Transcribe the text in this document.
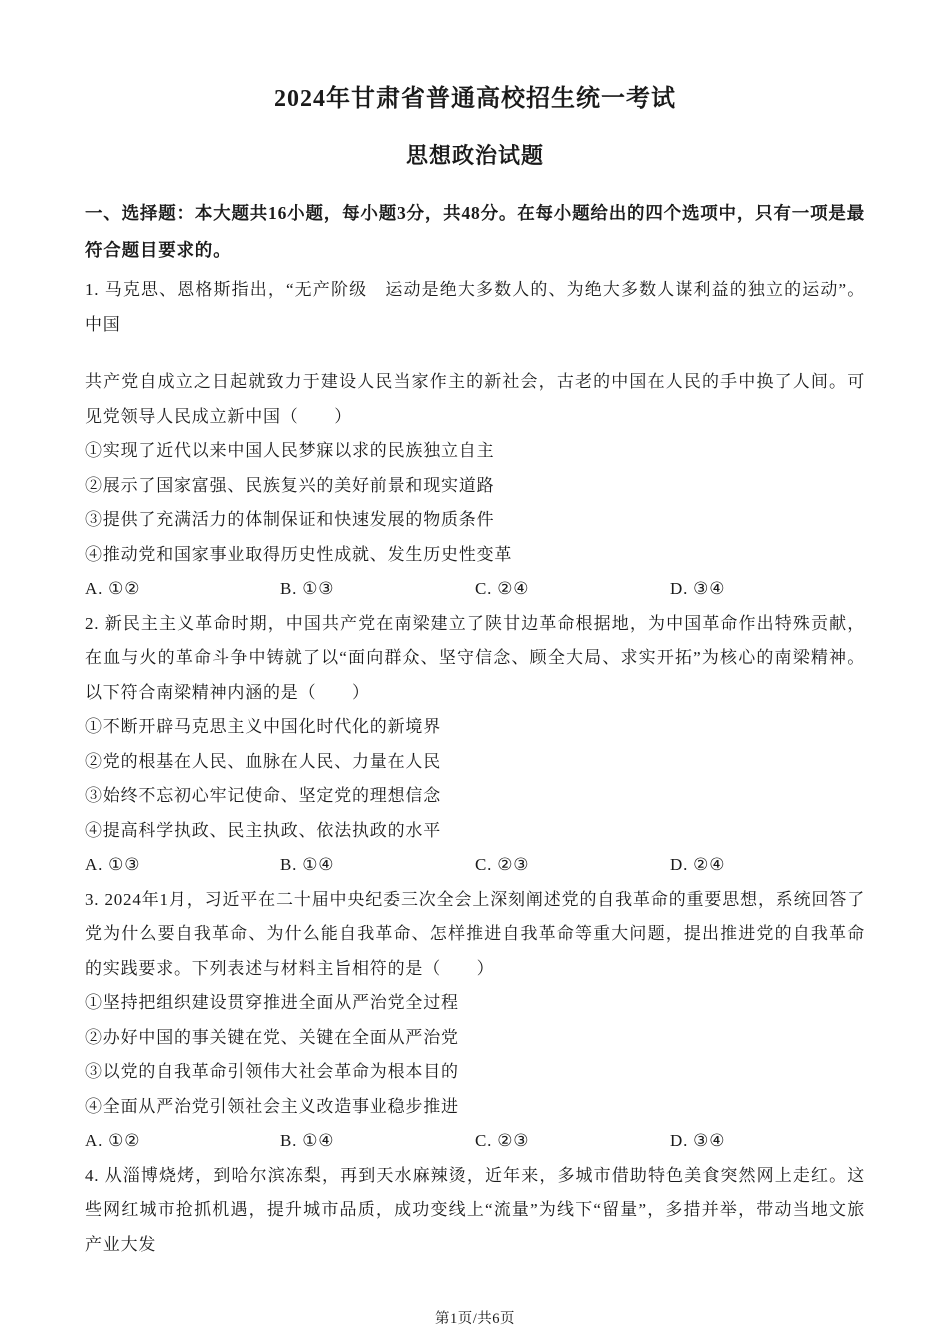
2024年甘肃省普通高校招生统一考试
思想政治试题

一、选择题：本大题共16小题，每小题3分，共48分。在每小题给出的四个选项中，只有一项是最符合题目要求的。

1. 马克思、恩格斯指出，“无产阶级　运动是绝大多数人的、为绝大多数人谋利益的独立的运动”。中国

共产党自成立之日起就致力于建设人民当家作主的新社会，古老的中国在人民的手中换了人间。可见党领导人民成立新中国（　　）

①实现了近代以来中国人民梦寐以求的民族独立自主

②展示了国家富强、民族复兴的美好前景和现实道路

③提供了充满活力的体制保证和快速发展的物质条件

④推动党和国家事业取得历史性成就、发生历史性变革

A. ①②	B. ①③	C. ②④	D. ③④

2. 新民主主义革命时期，中国共产党在南梁建立了陕甘边革命根据地，为中国革命作出特殊贡献，在血与火的革命斗争中铸就了以“面向群众、坚守信念、顾全大局、求实开拓”为核心的南梁精神。以下符合南梁精神内涵的是（　　）

①不断开辟马克思主义中国化时代化的新境界

②党的根基在人民、血脉在人民、力量在人民

③始终不忘初心牢记使命、坚定党的理想信念

④提高科学执政、民主执政、依法执政的水平

A. ①③	B. ①④	C. ②③	D. ②④

3. 2024年1月，习近平在二十届中央纪委三次全会上深刻阐述党的自我革命的重要思想，系统回答了党为什么要自我革命、为什么能自我革命、怎样推进自我革命等重大问题，提出推进党的自我革命的实践要求。下列表述与材料主旨相符的是（　　）

①坚持把组织建设贯穿推进全面从严治党全过程

②办好中国的事关键在党、关键在全面从严治党

③以党的自我革命引领伟大社会革命为根本目的

④全面从严治党引领社会主义改造事业稳步推进

A. ①②	B. ①④	C. ②③	D. ③④

4. 从淄博烧烤，到哈尔滨冻梨，再到天水麻辣烫，近年来，多城市借助特色美食突然网上走红。这些网红城市抢抓机遇，提升城市品质，成功变线上“流量”为线下“留量”，多措并举，带动当地文旅产业大发

第1页/共6页
